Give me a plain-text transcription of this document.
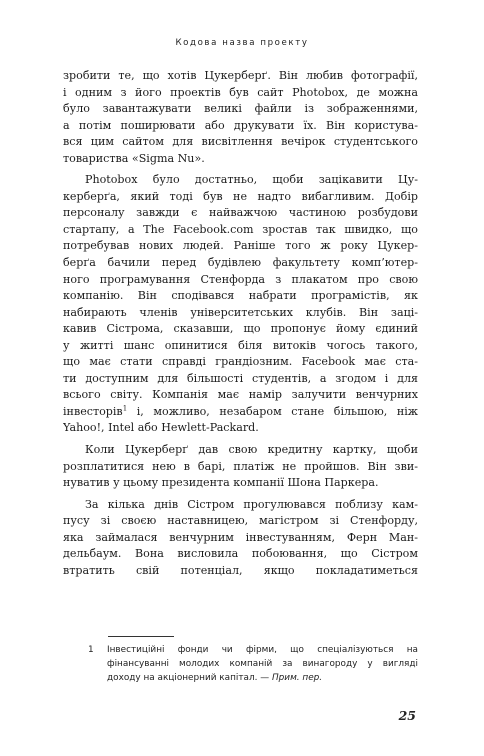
Кодова назва проекту

зробити те, що хотів Цукерберґ. Він любив фотографії,
і одним з його проектів був сайт Photobox, де можна
було завантажувати великі файли із зображеннями,
а потім поширювати або друкувати їх. Він користува-
вся цим сайтом для висвітлення вечірок студентського
товариства «Sigma Nu».

Photobox було достатньо, щоби зацікавити Цу-
керберґа, який тоді був не надто вибагливим. Добір
персоналу завжди є найважчою частиною розбудови
стартапу, а The Facebook.com зростав так швидко, що
потребував нових людей. Раніше того ж року Цукер-
берґа бачили перед будівлею факультету комп’ютер-
ного програмування Стенфорда з плакатом про свою
компанію. Він сподівався набрати програмістів, як
набирають членів університетських клубів. Він заці-
кавив Сістрома, сказавши, що пропонує йому єдиний
у житті шанс опинитися біля витоків чогось такого,
що має стати справді грандіозним. Facebook має ста-
ти доступним для більшості студентів, а згодом і для
всього світу. Компанія має намір залучити венчурних
інвесторів$^1$ і, можливо, незабаром стане більшою, ніж
Yahoo!, Intel або Hewlett-Packard.

Коли Цукерберґ дав свою кредитну картку, щоби
розплатитися нею в барі, платіж не пройшов. Він зви-
нуватив у цьому президента компанії Шона Паркера.

За кілька днів Сістром прогулювався поблизу кам-
пусу зі своєю наставницею, магістром зі Стенфорду,
яка займалася венчурним інвестуванням, Ферн Ман-
дельбаум. Вона висловила побоювання, що Сістром
втратить свій потенціал, якщо покладатиметься

1 Інвестиційні фонди чи фірми, що спеціалізуються на
фінансуванні молодих компаній за винагороду у вигляді
доходу на акціонерний капітал. — Прим. пер.
25
